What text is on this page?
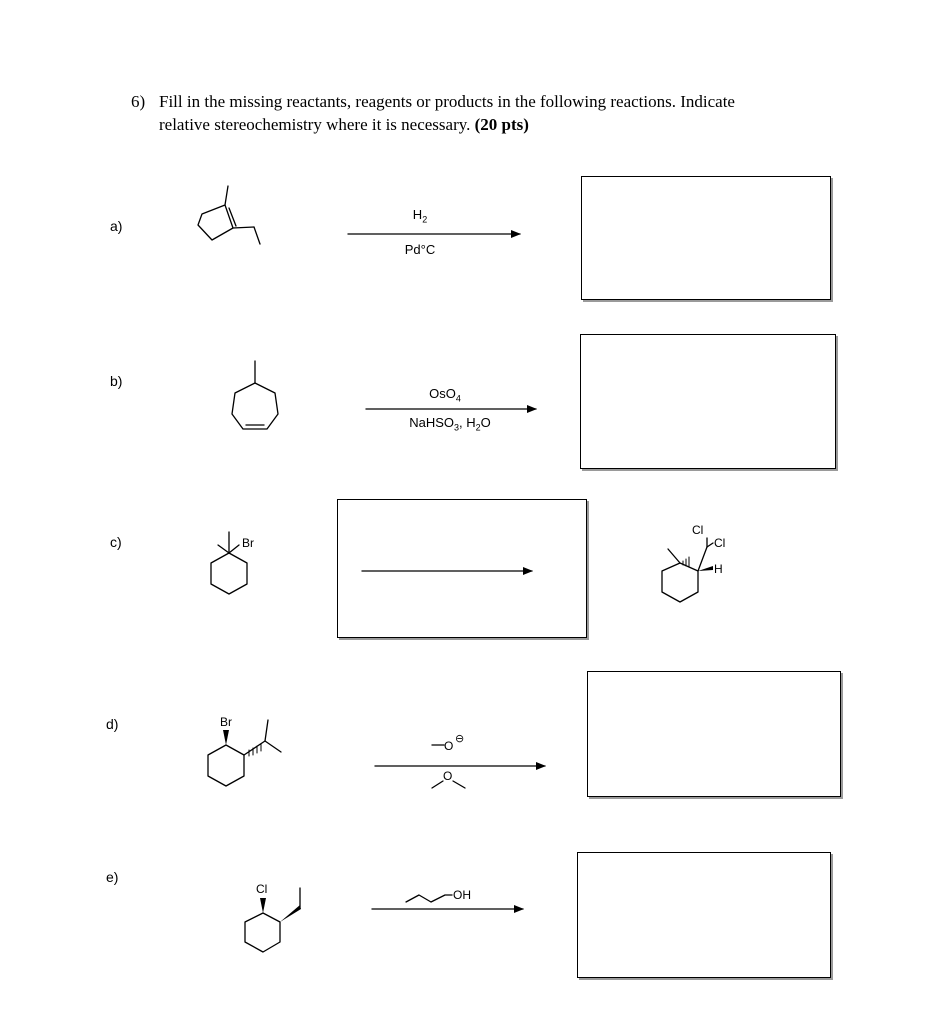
6) Fill in the missing reactants, reagents or products in the following reactions. Indicate
relative stereochemistry where it is necessary. (20 pts)
a)
b)
c)
d)
e)
$H_2$
Pd°C
OsO$_4$
NaHSO$_3$, $H_2O$
Br
Cl
Cl
H
Br
O ⊖
O
Cl	OH
